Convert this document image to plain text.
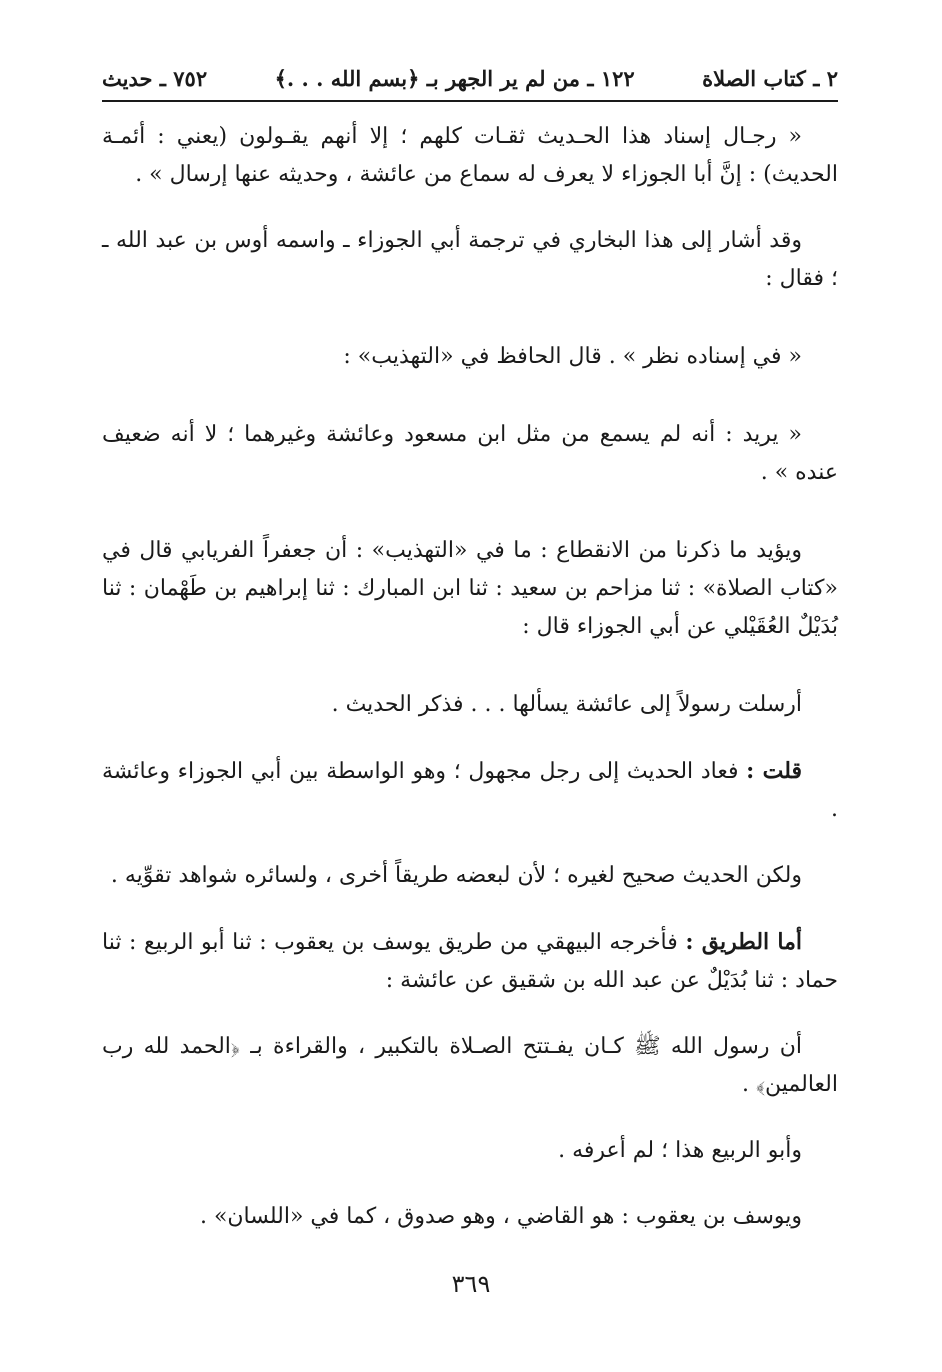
٢ ـ كتاب الصلاة
١٢٢ ـ من لم ير الجهر بـ ﴿بسم الله . . .﴾
٧٥٢ ـ حديث

« رجـال إسناد هذا الحـديث ثقـات كلهم ؛ إلا أنهم يقـولون (يعني : أئمـة الحديث) : إنَّ أبا الجوزاء لا يعرف له سماع من عائشة ، وحديثه عنها إرسال » .

وقد أشار إلى هذا البخاري في ترجمة أبي الجوزاء ـ واسمه أوس بن عبد الله ـ ؛ فقال :

« في إسناده نظر » . قال الحافظ في «التهذيب» :

« يريد : أنه لم يسمع من مثل ابن مسعود وعائشة وغيرهما ؛ لا أنه ضعيف عنده » .

ويؤيد ما ذكرنا من الانقطاع : ما في «التهذيب» : أن جعفراً الفريابي قال في «كتاب الصلاة» : ثنا مزاحم بن سعيد : ثنا ابن المبارك : ثنا إبراهيم بن طَهْمان : ثنا بُدَيْلٌ العُقَيْلي عن أبي الجوزاء قال :

أرسلت رسولاً إلى عائشة يسألها . . . فذكر الحديث .

قلت : فعاد الحديث إلى رجل مجهول ؛ وهو الواسطة بين أبي الجوزاء وعائشة .

ولكن الحديث صحيح لغيره ؛ لأن لبعضه طريقاً أخرى ، ولسائره شواهد تقوِّيه .

أما الطريق : فأخرجه البيهقي من طريق يوسف بن يعقوب : ثنا أبو الربيع : ثنا حماد : ثنا بُدَيْلٌ عن عبد الله بن شقيق عن عائشة :

أن رسول الله ﷺ كـان يفـتتح الصـلاة بالتكبير ، والقراءة بـ ﴿الحمد لله رب العالمين﴾ .

وأبو الربيع هذا ؛ لم أعرفه .

ويوسف بن يعقوب : هو القاضي ، وهو صدوق ، كما في «اللسان» .

٣٦٩
